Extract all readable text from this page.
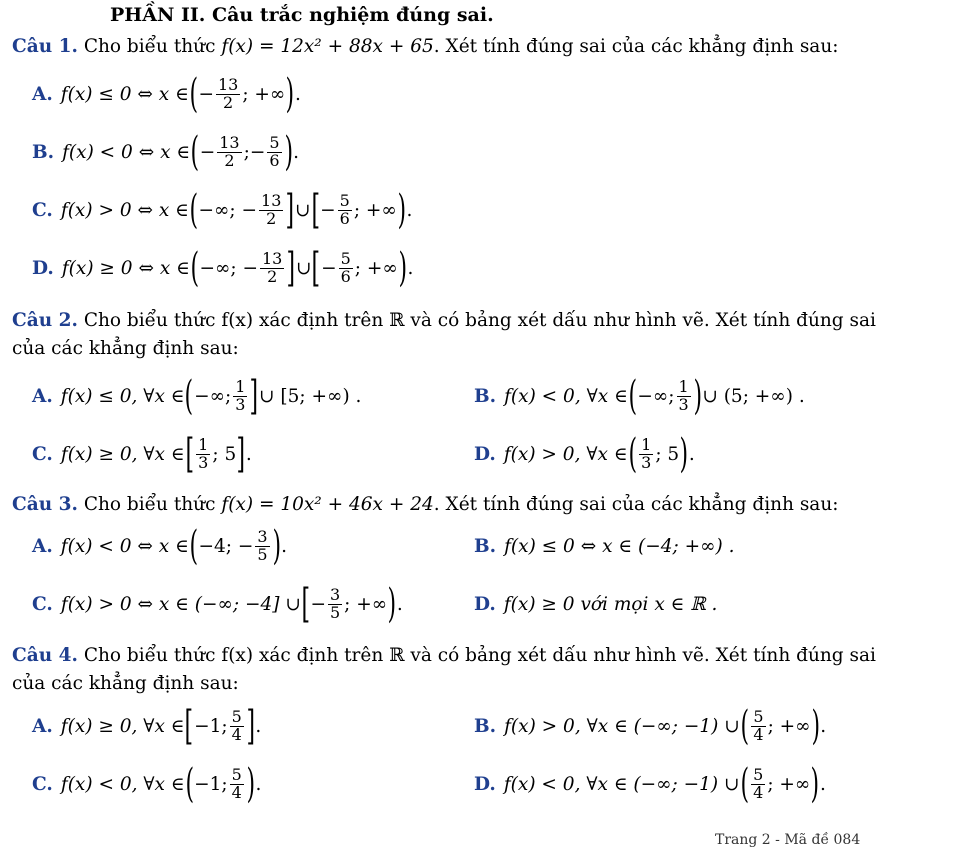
PHẦN II. Câu trắc nghiệm đúng sai.
Câu 1. Cho biểu thức f(x) = 12x² + 88x + 65. Xét tính đúng sai của các khẳng định sau:
A. f(x) ≤ 0 ⇔ x ∈ ( − $\frac{13}{2}$ ; +∞ ) .
B. f(x) < 0 ⇔ x ∈ ( − $\frac{13}{2}$ ; − $\frac{5}{6}$ ) .
C. f(x) > 0 ⇔ x ∈ ( −∞; − $\frac{13}{2}$ ] ∪ [ − $\frac{5}{6}$ ; +∞ ) .
D. f(x) ≥ 0 ⇔ x ∈ ( −∞; − $\frac{13}{2}$ ] ∪ [ − $\frac{5}{6}$ ; +∞ ) .
Câu 2. Cho biểu thức f(x) xác định trên ℝ và có bảng xét dấu như hình vẽ. Xét tính đúng sai
của các khẳng định sau:
A. f(x) ≤ 0, ∀x ∈ ( −∞; $\frac{1}{3}$ ] ∪ [5; +∞) .	B. f(x) < 0, ∀x ∈ ( −∞; $\frac{1}{3}$ ) ∪ (5; +∞) .
C. f(x) ≥ 0, ∀x ∈ [ $\frac{1}{3}$ ; 5 ] .	D. f(x) > 0, ∀x ∈ ( $\frac{1}{3}$ ; 5 ) .
Câu 3. Cho biểu thức f(x) = 10x² + 46x + 24. Xét tính đúng sai của các khẳng định sau:
A. f(x) < 0 ⇔ x ∈ ( −4; − $\frac{3}{5}$ ) .	B. f(x) ≤ 0 ⇔ x ∈ (−4; +∞) .
C. f(x) > 0 ⇔ x ∈ (−∞; −4] ∪ [ − $\frac{3}{5}$ ; +∞ ) .	D. f(x) ≥ 0 với mọi x ∈ ℝ .
Câu 4. Cho biểu thức f(x) xác định trên ℝ và có bảng xét dấu như hình vẽ. Xét tính đúng sai
của các khẳng định sau:
A. f(x) ≥ 0, ∀x ∈ [ −1; $\frac{5}{4}$ ] .	B. f(x) > 0, ∀x ∈ (−∞; −1) ∪ ( $\frac{5}{4}$ ; +∞ ) .
C. f(x) < 0, ∀x ∈ ( −1; $\frac{5}{4}$ ) .	D. f(x) < 0, ∀x ∈ (−∞; −1) ∪ ( $\frac{5}{4}$ ; +∞ ) .
Trang 2 - Mã đề 084
